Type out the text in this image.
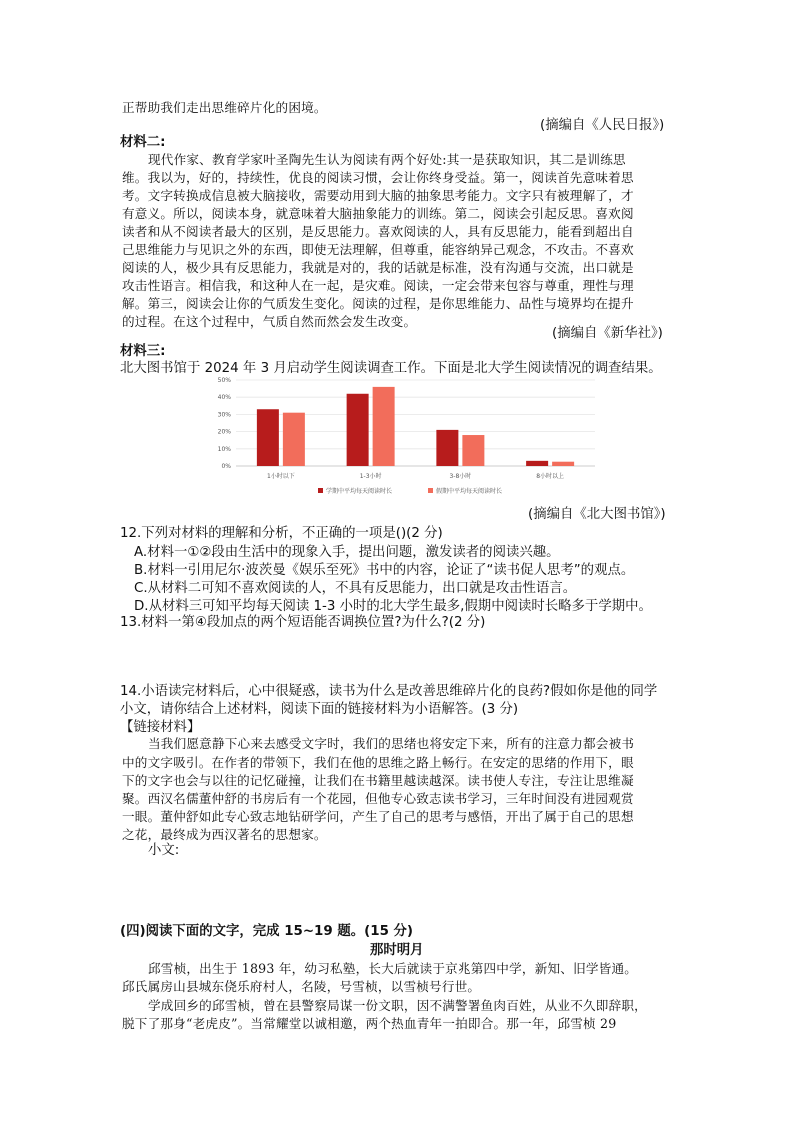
正帮助我们走出思维碎片化的困境。
(摘编自《人民日报》)
材料二:
现代作家、教育学家叶圣陶先生认为阅读有两个好处:其一是获取知识，其二是训练思
维。我以为，好的，持续性，优良的阅读习惯，会让你终身受益。第一，阅读首先意味着思
考。文字转换成信息被大脑接收，需要动用到大脑的抽象思考能力。文字只有被理解了，才
有意义。所以，阅读本身，就意味着大脑抽象能力的训练。第二，阅读会引起反思。喜欢阅
读者和从不阅读者最大的区别，是反思能力。喜欢阅读的人，具有反思能力，能看到超出自
己思维能力与见识之外的东西，即使无法理解，但尊重，能容纳异己观念，不攻击。不喜欢
阅读的人，极少具有反思能力，我就是对的，我的话就是标准，没有沟通与交流，出口就是
攻击性语言。相信我，和这种人在一起，是灾难。阅读，一定会带来包容与尊重，理性与理
解。第三，阅读会让你的气质发生变化。阅读的过程，是你思维能力、品性与境界均在提升
的过程。在这个过程中，气质自然而然会发生改变。
(摘编自《新华社》)
材料三:
北大图书馆于 2024 年 3 月启动学生阅读调查工作。下面是北大学生阅读情况的调查结果。
0%
10%
20%
30%
40%
50%
1小时以下	1-3小时	3-8小时	8小时以上
学期中平均每天阅读时长	假期中平均每天阅读时长
(摘编自《北大图书馆》)
12.下列对材料的理解和分析，不正确的一项是()(2 分)
A.材料一①②段由生活中的现象入手，提出问题，激发读者的阅读兴趣。
B.材料一引用尼尔·波茨曼《娱乐至死》书中的内容，论证了“读书促人思考”的观点。
C.从材料二可知不喜欢阅读的人，不具有反思能力，出口就是攻击性语言。
D.从材料三可知平均每天阅读 1-3 小时的北大学生最多,假期中阅读时长略多于学期中。
13.材料一第④段加点的两个短语能否调换位置?为什么?(2 分)
14.小语读完材料后，心中很疑惑，读书为什么是改善思维碎片化的良药?假如你是他的同学
小文，请你结合上述材料，阅读下面的链接材料为小语解答。(3 分)
【链接材料】
当我们愿意静下心来去感受文字时，我们的思绪也将安定下来，所有的注意力都会被书
中的文字吸引。在作者的带领下，我们在他的思维之路上畅行。在安定的思绪的作用下，眼
下的文字也会与以往的记忆碰撞，让我们在书籍里越读越深。读书使人专注，专注让思维凝
聚。西汉名儒董仲舒的书房后有一个花园，但他专心致志读书学习，三年时间没有进园观赏
一眼。董仲舒如此专心致志地钻研学问，产生了自己的思考与感悟，开出了属于自己的思想
之花，最终成为西汉著名的思想家。
小文:
(四)阅读下面的文字，完成 15~19 题。(15 分)
那时明月
邱雪桢，出生于 1893 年，幼习私塾，长大后就读于京兆第四中学，新知、旧学皆通。
邱氏属房山县城东侥乐府村人，名陵，号雪桢，以雪桢号行世。
学成回乡的邱雪桢，曾在县警察局谋一份文职，因不满警署鱼肉百姓，从业不久即辞职，
脱下了那身“老虎皮”。当常耀堂以诚相邀，两个热血青年一拍即合。那一年，邱雪桢 29
